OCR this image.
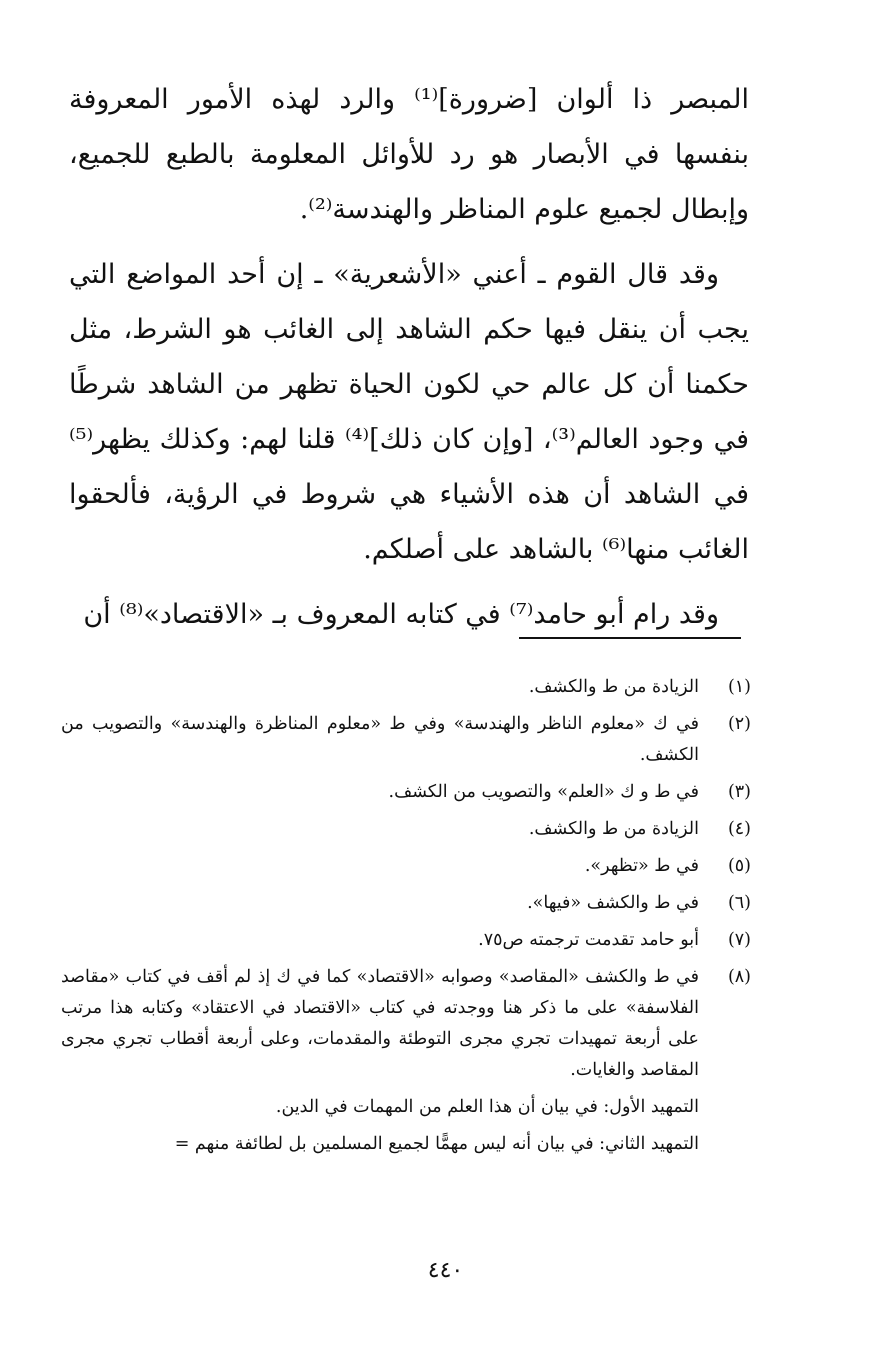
المبصر ذا ألوان [ضرورة]⁽¹⁾ والرد لهذه الأمور المعروفة بنفسها في الأبصار هو رد للأوائل المعلومة بالطبع للجميع، وإبطال لجميع علوم المناظر والهندسة⁽²⁾.

وقد قال القوم ـ أعني «الأشعرية» ـ إن أحد المواضع التي يجب أن ينقل فيها حكم الشاهد إلى الغائب هو الشرط، مثل حكمنا أن كل عالم حي لكون الحياة تظهر من الشاهد شرطًا في وجود العالم⁽³⁾، [وإن كان ذلك]⁽⁴⁾ قلنا لهم: وكذلك يظهر⁽⁵⁾ في الشاهد أن هذه الأشياء هي شروط في الرؤية، فألحقوا الغائب منها⁽⁶⁾ بالشاهد على أصلكم.

وقد رام أبو حامد⁽⁷⁾ في كتابه المعروف بـ «الاقتصاد»⁽⁸⁾ أن

(١)
الزيادة من ط والكشف.
(٢)
في ك «معلوم الناظر والهندسة» وفي ط «معلوم المناظرة والهندسة» والتصويب من الكشف.
(٣)
في ط و ك «العلم» والتصويب من الكشف.
(٤)
الزيادة من ط والكشف.
(٥)
في ط «تظهر».
(٦)
في ط والكشف «فيها».
(٧)
أبو حامد تقدمت ترجمته ص٧٥.
(٨)
في ط والكشف «المقاصد» وصوابه «الاقتصاد» كما في ك إذ لم أقف في كتاب «مقاصد الفلاسفة» على ما ذكر هنا ووجدته في كتاب «الاقتصاد في الاعتقاد» وكتابه هذا مرتب على أربعة تمهيدات تجري مجرى التوطئة والمقدمات، وعلى أربعة أقطاب تجري مجرى المقاصد والغايات.
التمهيد الأول: في بيان أن هذا العلم من المهمات في الدين.
التمهيد الثاني: في بيان أنه ليس مهمًّا لجميع المسلمين بل لطائفة منهم =
٤٤٠
